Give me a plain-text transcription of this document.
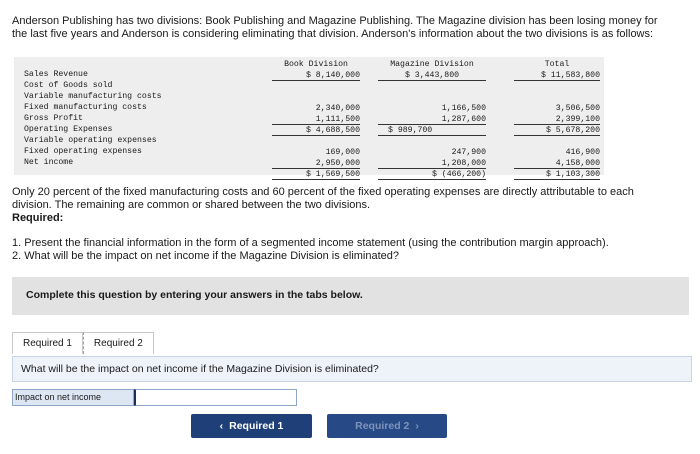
Anderson Publishing has two divisions: Book Publishing and Magazine Publishing. The Magazine division has been losing money for
the last five years and Anderson is considering eliminating that division. Anderson's information about the two divisions is as follows:
Sales Revenue
Cost of Goods sold
Variable manufacturing costs
Fixed manufacturing costs
Gross Profit
Operating Expenses
Variable operating expenses
Fixed operating expenses
Net income
Book Division
$ 8,140,000
2,340,000
1,111,500
$ 4,688,500
169,000
2,950,000
$ 1,569,500
Magazine Division
$ 3,443,800
1,166,500
1,287,600
$ 989,700
247,900
1,208,000
$ (466,200)
Total
$ 11,583,800
3,506,500
2,399,100
$ 5,678,200
416,900
4,158,000
$ 1,103,300
Only 20 percent of the fixed manufacturing costs and 60 percent of the fixed operating expenses are directly attributable to each
division. The remaining are common or shared between the two divisions.
Required:
1. Present the financial information in the form of a segmented income statement (using the contribution margin approach).
2. What will be the impact on net income if the Magazine Division is eliminated?
Complete this question by entering your answers in the tabs below.
Required 1	Required 2
What will be the impact on net income if the Magazine Division is eliminated?
Impact on net income
‹ Required 1	Required 2 ›
